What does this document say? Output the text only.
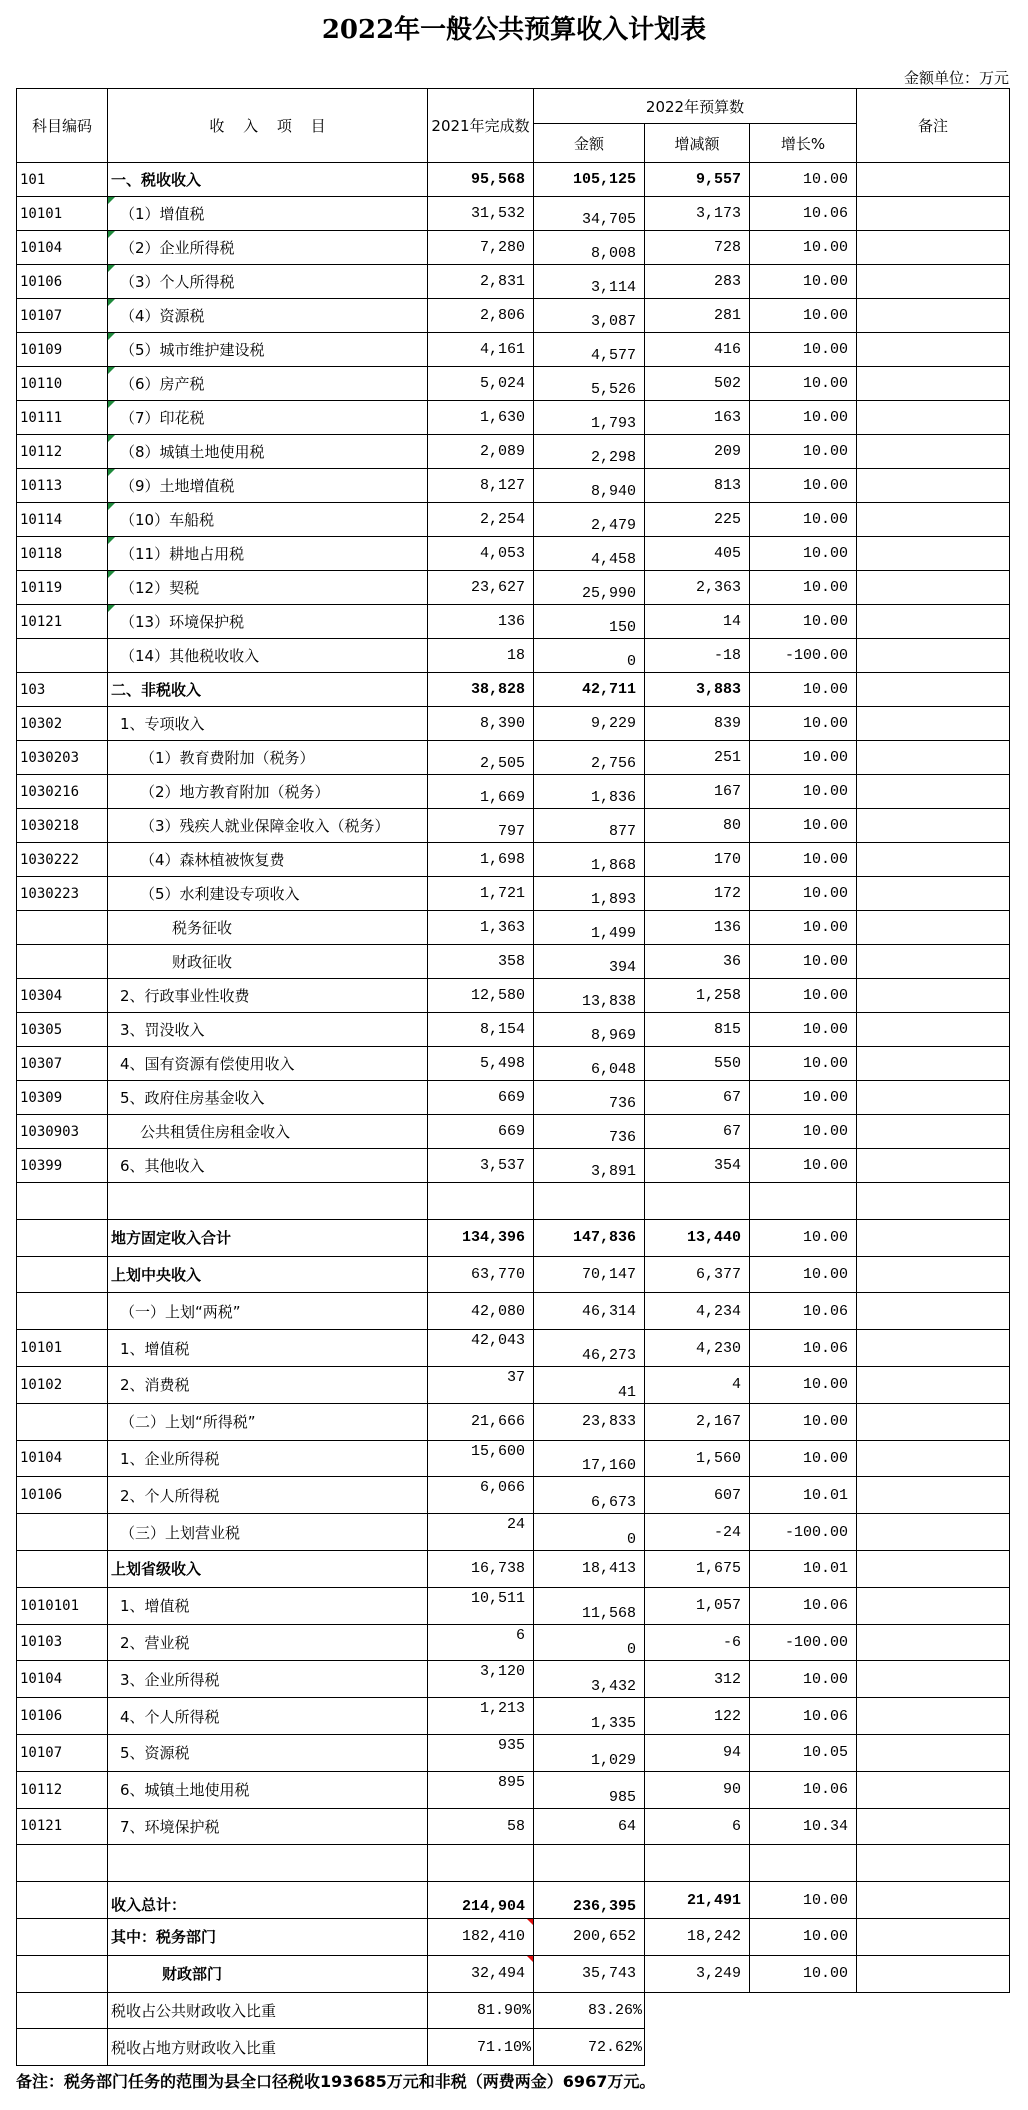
2022年一般公共预算收入计划表
金额单位：万元
科目编码	收 入 项 目	2021年完成数	2022年预算数			备注
			金额	增减额	增长%	
101	一、税收收入	95,568	105,125	9,557	10.00	
10101	（1）增值税	31,532	34,705	3,173	10.06	
10104	（2）企业所得税	7,280	8,008	728	10.00	
10106	（3）个人所得税	2,831	3,114	283	10.00	
10107	（4）资源税	2,806	3,087	281	10.00	
10109	（5）城市维护建设税	4,161	4,577	416	10.00	
10110	（6）房产税	5,024	5,526	502	10.00	
10111	（7）印花税	1,630	1,793	163	10.00	
10112	（8）城镇土地使用税	2,089	2,298	209	10.00	
10113	（9）土地增值税	8,127	8,940	813	10.00	
10114	（10）车船税	2,254	2,479	225	10.00	
10118	（11）耕地占用税	4,053	4,458	405	10.00	
10119	（12）契税	23,627	25,990	2,363	10.00	
10121	（13）环境保护税	136	150	14	10.00	
	（14）其他税收收入	18	0	-18	-100.00	
103	二、非税收入	38,828	42,711	3,883	10.00	
10302	1、专项收入	8,390	9,229	839	10.00	
1030203	（1）教育费附加（税务）	2,505	2,756	251	10.00	
1030216	（2）地方教育附加（税务）	1,669	1,836	167	10.00	
1030218	（3）残疾人就业保障金收入（税务）	797	877	80	10.00	
1030222	（4）森林植被恢复费	1,698	1,868	170	10.00	
1030223	（5）水利建设专项收入	1,721	1,893	172	10.00	
	税务征收	1,363	1,499	136	10.00	
	财政征收	358	394	36	10.00	
10304	2、行政事业性收费	12,580	13,838	1,258	10.00	
10305	3、罚没收入	8,154	8,969	815	10.00	
10307	4、国有资源有偿使用收入	5,498	6,048	550	10.00	
10309	5、政府住房基金收入	669	736	67	10.00	
1030903	公共租赁住房租金收入	669	736	67	10.00	
10399	6、其他收入	3,537	3,891	354	10.00	

	地方固定收入合计	134,396	147,836	13,440	10.00	
	上划中央收入	63,770	70,147	6,377	10.00	
	（一）上划“两税”	42,080	46,314	4,234	10.06	
10101	1、增值税	42,043	46,273	4,230	10.06	
10102	2、消费税	37	41	4	10.00	
	（二）上划“所得税”	21,666	23,833	2,167	10.00	
10104	1、企业所得税	15,600	17,160	1,560	10.00	
10106	2、个人所得税	6,066	6,673	607	10.01	
	（三）上划营业税	24	0	-24	-100.00	
	上划省级收入	16,738	18,413	1,675	10.01	
1010101	1、增值税	10,511	11,568	1,057	10.06	
10103	2、营业税	6	0	-6	-100.00	
10104	3、企业所得税	3,120	3,432	312	10.00	
10106	4、个人所得税	1,213	1,335	122	10.06	
10107	5、资源税	935	1,029	94	10.05	
10112	6、城镇土地使用税	895	985	90	10.06	
10121	7、环境保护税	58	64	6	10.34	

	收入总计：	214,904	236,395	21,491	10.00	
	其中：税务部门	182,410	200,652	18,242	10.00	
	财政部门	32,494	35,743	3,249	10.00	
	税收占公共财政收入比重	81.90%	83.26%			
	税收占地方财政收入比重	71.10%	72.62%			
备注：税务部门任务的范围为县全口径税收193685万元和非税（两费两金）6967万元。
